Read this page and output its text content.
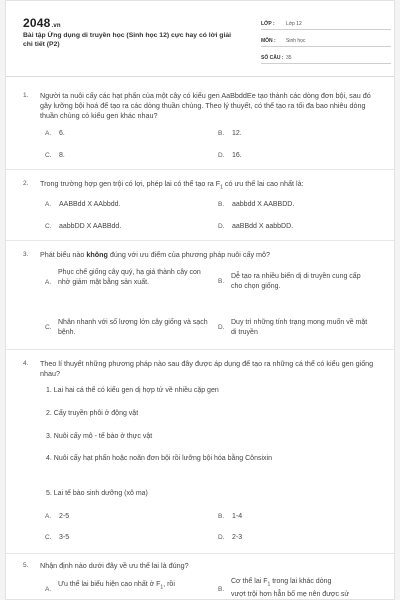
2048.vn
Bài tập Ứng dụng di truyền học (Sinh học 12) cực hay có lời giải chi tiết (P2)
LỚP :	Lớp 12
MÔN :	Sinh học
SỐ CÂU : 35
1. Người ta nuôi cấy các hạt phấn của một cây có kiểu gen AaBbddEe tạo thành các dòng đơn bội, sau đó gây lưỡng bội hoá để tạo ra các dòng thuần chủng. Theo lý thuyết, có thể tạo ra tối đa bao nhiêu dòng thuần chủng có kiểu gen khác nhau?
A. 6.	B. 12.
C. 8.	D. 16.
2. Trong trường hợp gen trội có lợi, phép lai có thể tạo ra $F_1$ có ưu thế lai cao nhất là:
A. AABBdd X AAbbdd.	B. aabbdd X AABBDD.
C. aabbDD X AABBdd.	D. aaBBdd X aabbDD.
3. Phát biểu nào không đúng với ưu điểm của phương pháp nuôi cấy mô?
A.
Phục chế giống cây quý, hạ giá thành cây con nhờ giảm mặt bằng sản xuất.	B.
Dễ tạo ra nhiều biến dị di truyền cung cấp cho chọn giống.
C.
Nhân nhanh với số lượng lớn cây giống và sạch bệnh.
D.
Duy trì những tính trạng mong muốn về mặt di truyền
4. Theo lí thuyết những phương pháp nào sau đây được áp dụng để tạo ra những cá thể có kiểu gen giống nhau?
1. Lai hai cá thể có kiểu gen dị hợp tử về nhiều cặp gen
2. Cấy truyền phôi ở động vật
3. Nuôi cấy mô - tế bào ở thực vật
4. Nuôi cấy hạt phấn hoặc noãn đơn bội rồi lưỡng bội hóa bằng Cônsixin
5. Lai tế bào sinh dưỡng (xô ma)
A. 2-5	B. 1-4
C. 3-5	D. 2-3
5. Nhận định nào dưới đây về ưu thế lai là đúng?
A.
Ưu thế lai biểu hiện cao nhất ở $F_1$, rồi
B.
Cơ thể lai $F_1$ trong lai khác dòng
vượt trội hơn hẳn bố mẹ nên được sử
